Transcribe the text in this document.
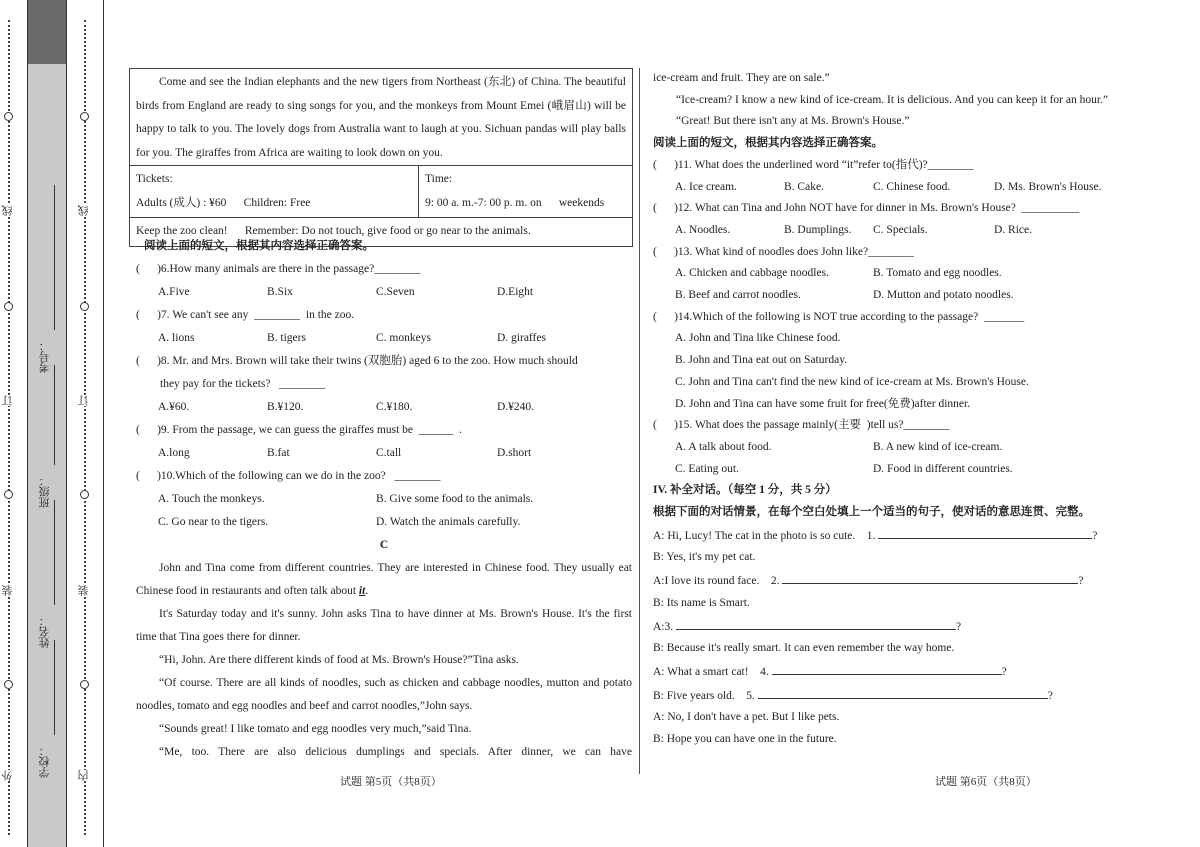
外
装
订
线
内
装
订
线
学校：
姓名：
班级：
考号：
Come and see the Indian elephants and the new tigers from Northeast (东北) of China. The beautiful birds from England are ready to sing songs for you, and the monkeys from Mount Emei (峨眉山) will be happy to talk to you. The lovely dogs from Australia want to laugh at you. Sichuan pandas will play balls for you. The giraffes from Africa are waiting to look down on you.
Tickets:
Adults (成人) : ¥60      Children: Free
Time:
9: 00 a. m.-7: 00 p. m. on      weekends
Keep the zoo clean!      Remember: Do not touch, give food or go near to the animals.

阅读上面的短文，根据其内容选择正确答案。

(      )6.How many animals are there in the passage?________

A.Five	B.Six	C.Seven	D.Eight

(      )7. We can't see any  ________  in the zoo.

A. lions	B. tigers	C. monkeys	D. giraffes

(      )8. Mr. and Mrs. Brown will take their twins (双胞胎) aged 6 to the zoo. How much should

they pay for the tickets?   ________

A.¥60.	B.¥120.	C.¥180.	D.¥240.

(      )9. From the passage, we can guess the giraffes must be  ______  .

A.long	B.fat	C.tall	D.short

(      )10.Which of the following can we do in the zoo?   ________

A. Touch the monkeys.	B. Give some food to the animals.
C. Go near to the tigers.	D. Watch the animals carefully.

C

John and Tina come from different countries. They are interested in Chinese food. They usually eat Chinese food in restaurants and often talk about it.

It's Saturday today and it's sunny. John asks Tina to have dinner at Ms. Brown's House. It's the first time that Tina goes there for dinner.

“Hi, John. Are there different kinds of food at Ms. Brown's House?”Tina asks.

“Of course. There are all kinds of noodles, such as chicken and cabbage noodles, mutton and potato noodles, tomato and egg noodles and beef and carrot noodles,”John says.

“Sounds great! I like tomato and egg noodles very much,”said Tina.

“Me, too. There are also delicious dumplings and specials. After dinner, we can have

试题 第5页（共8页）

ice-cream and fruit. They are on sale.”

“Ice-cream? I know a new kind of ice-cream. It is delicious. And you can keep it for an hour.”

“Great! But there isn't any at Ms. Brown's House.”

阅读上面的短文，根据其内容选择正确答案。

(      )11. What does the underlined word “it”refer to(指代)?________

A. Ice cream.	B. Cake.	C. Chinese food.	D. Ms. Brown's House.

(      )12. What can Tina and John NOT have for dinner in Ms. Brown's House?  __________

A. Noodles.	B. Dumplings.	C. Specials.	D. Rice.

(      )13. What kind of noodles does John like?________

A. Chicken and cabbage noodles.	B. Tomato and egg noodles.
B. Beef and carrot noodles.	D. Mutton and potato noodles.

(      )14.Which of the following is NOT true according to the passage?  _______

A. John and Tina like Chinese food.

B. John and Tina eat out on Saturday.

C. John and Tina can't find the new kind of ice-cream at Ms. Brown's House.

D. John and Tina can have some fruit for free(免费)after dinner.

(      )15. What does the passage mainly(主要  )tell us?________

A. A talk about food.	B. A new kind of ice-cream.
C. Eating out.	D. Food in different countries.

IV. 补全对话。（每空 1 分，共 5 分）

根据下面的对话情景，在每个空白处填上一个适当的句子，使对话的意思连贯、完整。

A: Hi, Lucy! The cat in the photo is so cute.    1.	?

B: Yes, it's my pet cat.

A:I love its round face.    2.	?

B: Its name is Smart.

A:3.	?

B: Because it's really smart. It can even remember the way home.

A: What a smart cat!    4.	?

B: Five years old.    5.	?

A: No, I don't have a pet. But I like pets.

B: Hope you can have one in the future.

试题 第6页（共8页）
